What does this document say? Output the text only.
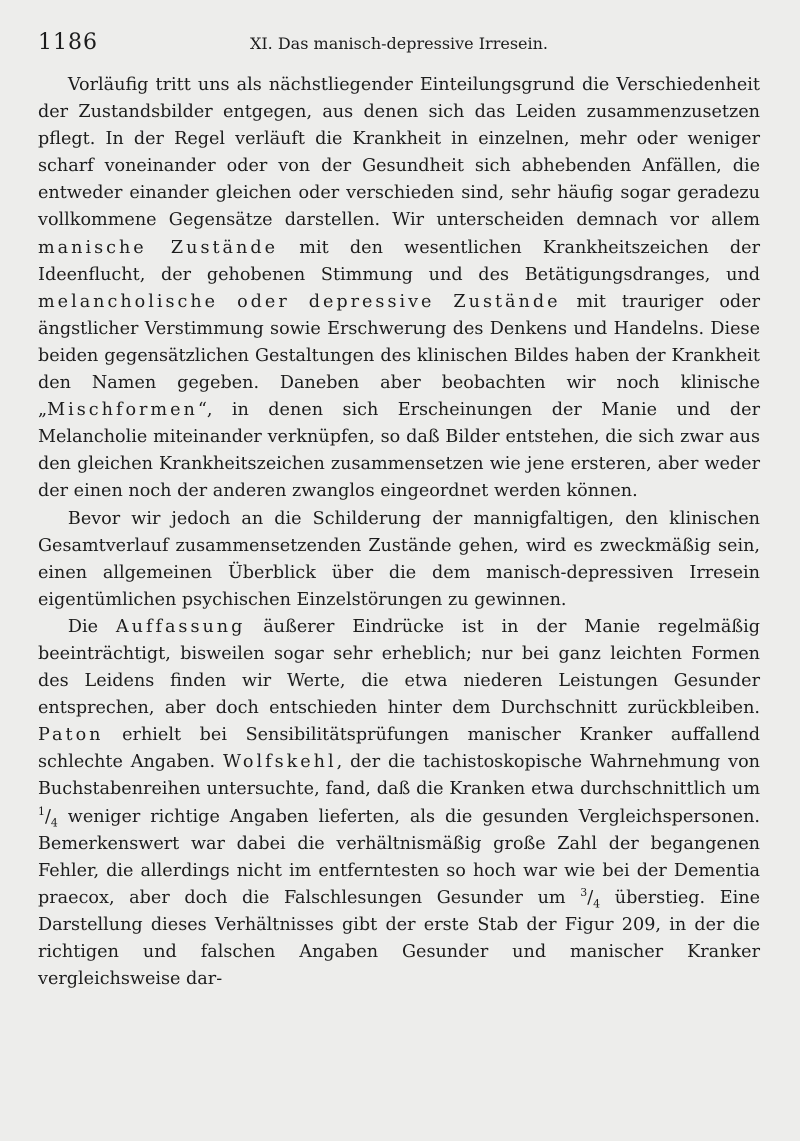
1186	XI. Das manisch-depressive Irresein.

Vorläufig tritt uns als nächstliegender Einteilungsgrund die Verschiedenheit der Zustandsbilder entgegen, aus denen sich das Leiden zusammenzusetzen pflegt. In der Regel verläuft die Krankheit in einzelnen, mehr oder weniger scharf voneinander oder von der Gesundheit sich abhebenden Anfällen, die entweder einander gleichen oder verschieden sind, sehr häufig sogar geradezu vollkommene Gegensätze darstellen. Wir unterscheiden demnach vor allem manische Zustände mit den wesentlichen Krankheitszeichen der Ideenflucht, der gehobenen Stimmung und des Betätigungsdranges, und melancholische oder depressive Zustände mit trauriger oder ängstlicher Verstimmung sowie Erschwerung des Denkens und Handelns. Diese beiden gegensätzlichen Gestaltungen des klinischen Bildes haben der Krankheit den Namen gegeben. Daneben aber beobachten wir noch klinische „Mischformen“, in denen sich Erscheinungen der Manie und der Melancholie miteinander verknüpfen, so daß Bilder entstehen, die sich zwar aus den gleichen Krankheitszeichen zusammensetzen wie jene ersteren, aber weder der einen noch der anderen zwanglos eingeordnet werden können.

Bevor wir jedoch an die Schilderung der mannigfaltigen, den klinischen Gesamtverlauf zusammensetzenden Zustände gehen, wird es zweckmäßig sein, einen allgemeinen Überblick über die dem manisch-depressiven Irresein eigentümlichen psychischen Einzelstörungen zu gewinnen.

Die Auffassung äußerer Eindrücke ist in der Manie regelmäßig beeinträchtigt, bisweilen sogar sehr erheblich; nur bei ganz leichten Formen des Leidens finden wir Werte, die etwa niederen Leistungen Gesunder entsprechen, aber doch entschieden hinter dem Durchschnitt zurückbleiben. Paton erhielt bei Sensibilitätsprüfungen manischer Kranker auffallend schlechte Angaben. Wolfskehl, der die tachistoskopische Wahrnehmung von Buchstabenreihen untersuchte, fand, daß die Kranken etwa durchschnittlich um $^1/_4$ weniger richtige Angaben lieferten, als die gesunden Vergleichspersonen. Bemerkenswert war dabei die verhältnismäßig große Zahl der begangenen Fehler, die allerdings nicht im entferntesten so hoch war wie bei der Dementia praecox, aber doch die Falschlesungen Gesunder um $^3/_4$ überstieg. Eine Darstellung dieses Verhältnisses gibt der erste Stab der Figur 209, in der die richtigen und falschen Angaben Gesunder und manischer Kranker vergleichsweise dar-
